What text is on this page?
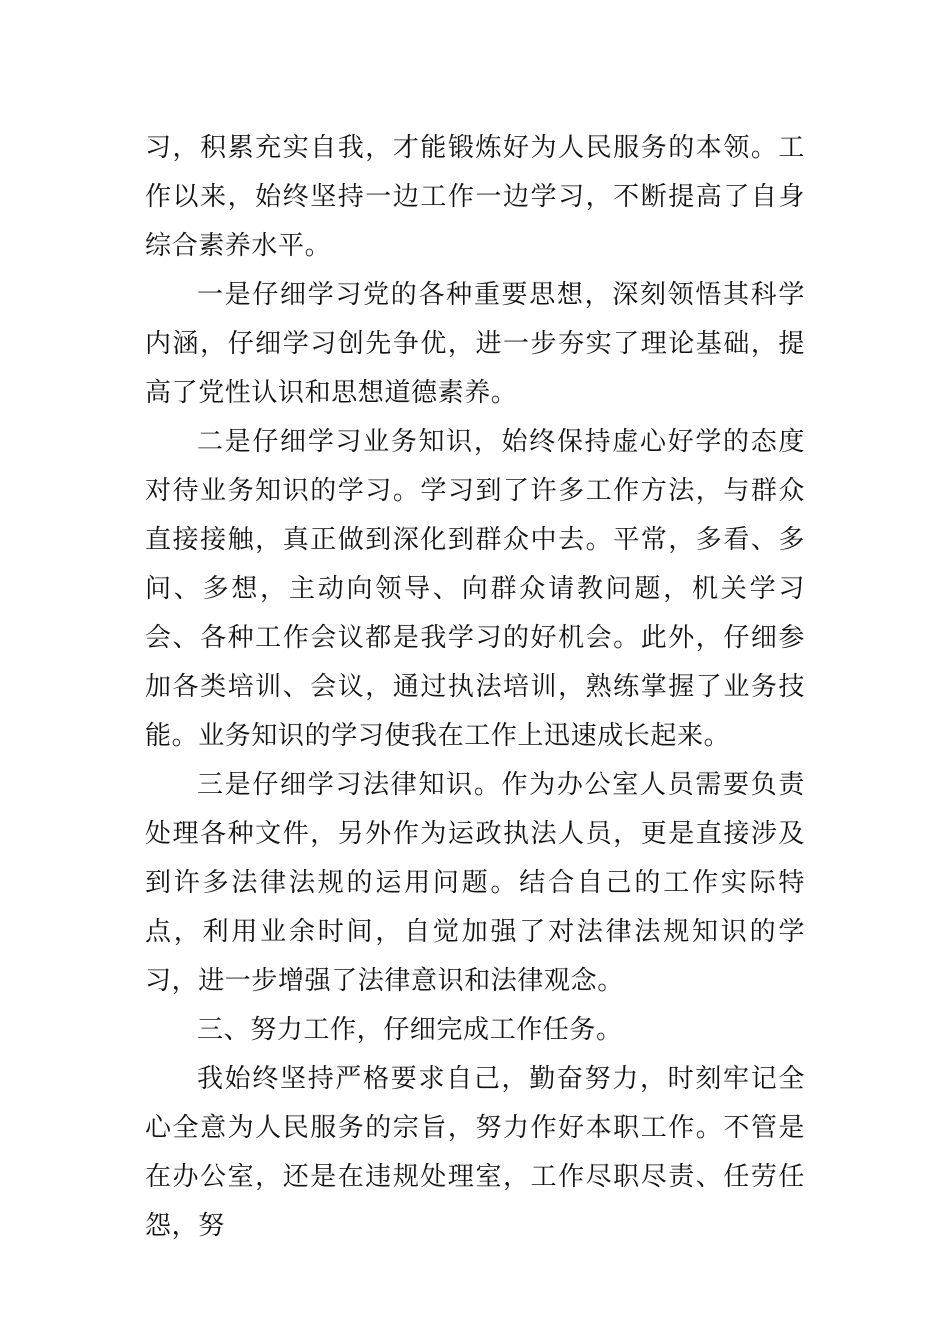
习，积累充实自我，才能锻炼好为人民服务的本领。工作以来，始终坚持一边工作一边学习，不断提高了自身综合素养水平。

一是仔细学习党的各种重要思想，深刻领悟其科学内涵，仔细学习创先争优，进一步夯实了理论基础，提高了党性认识和思想道德素养。

二是仔细学习业务知识，始终保持虚心好学的态度对待业务知识的学习。学习到了许多工作方法，与群众直接接触，真正做到深化到群众中去。平常，多看、多问、多想，主动向领导、向群众请教问题，机关学习会、各种工作会议都是我学习的好机会。此外，仔细参加各类培训、会议，通过执法培训，熟练掌握了业务技能。业务知识的学习使我在工作上迅速成长起来。

三是仔细学习法律知识。作为办公室人员需要负责处理各种文件，另外作为运政执法人员，更是直接涉及到许多法律法规的运用问题。结合自己的工作实际特点，利用业余时间，自觉加强了对法律法规知识的学习，进一步增强了法律意识和法律观念。

三、努力工作，仔细完成工作任务。

我始终坚持严格要求自己，勤奋努力，时刻牢记全心全意为人民服务的宗旨，努力作好本职工作。不管是在办公室，还是在违规处理室，工作尽职尽责、任劳任怨，努
